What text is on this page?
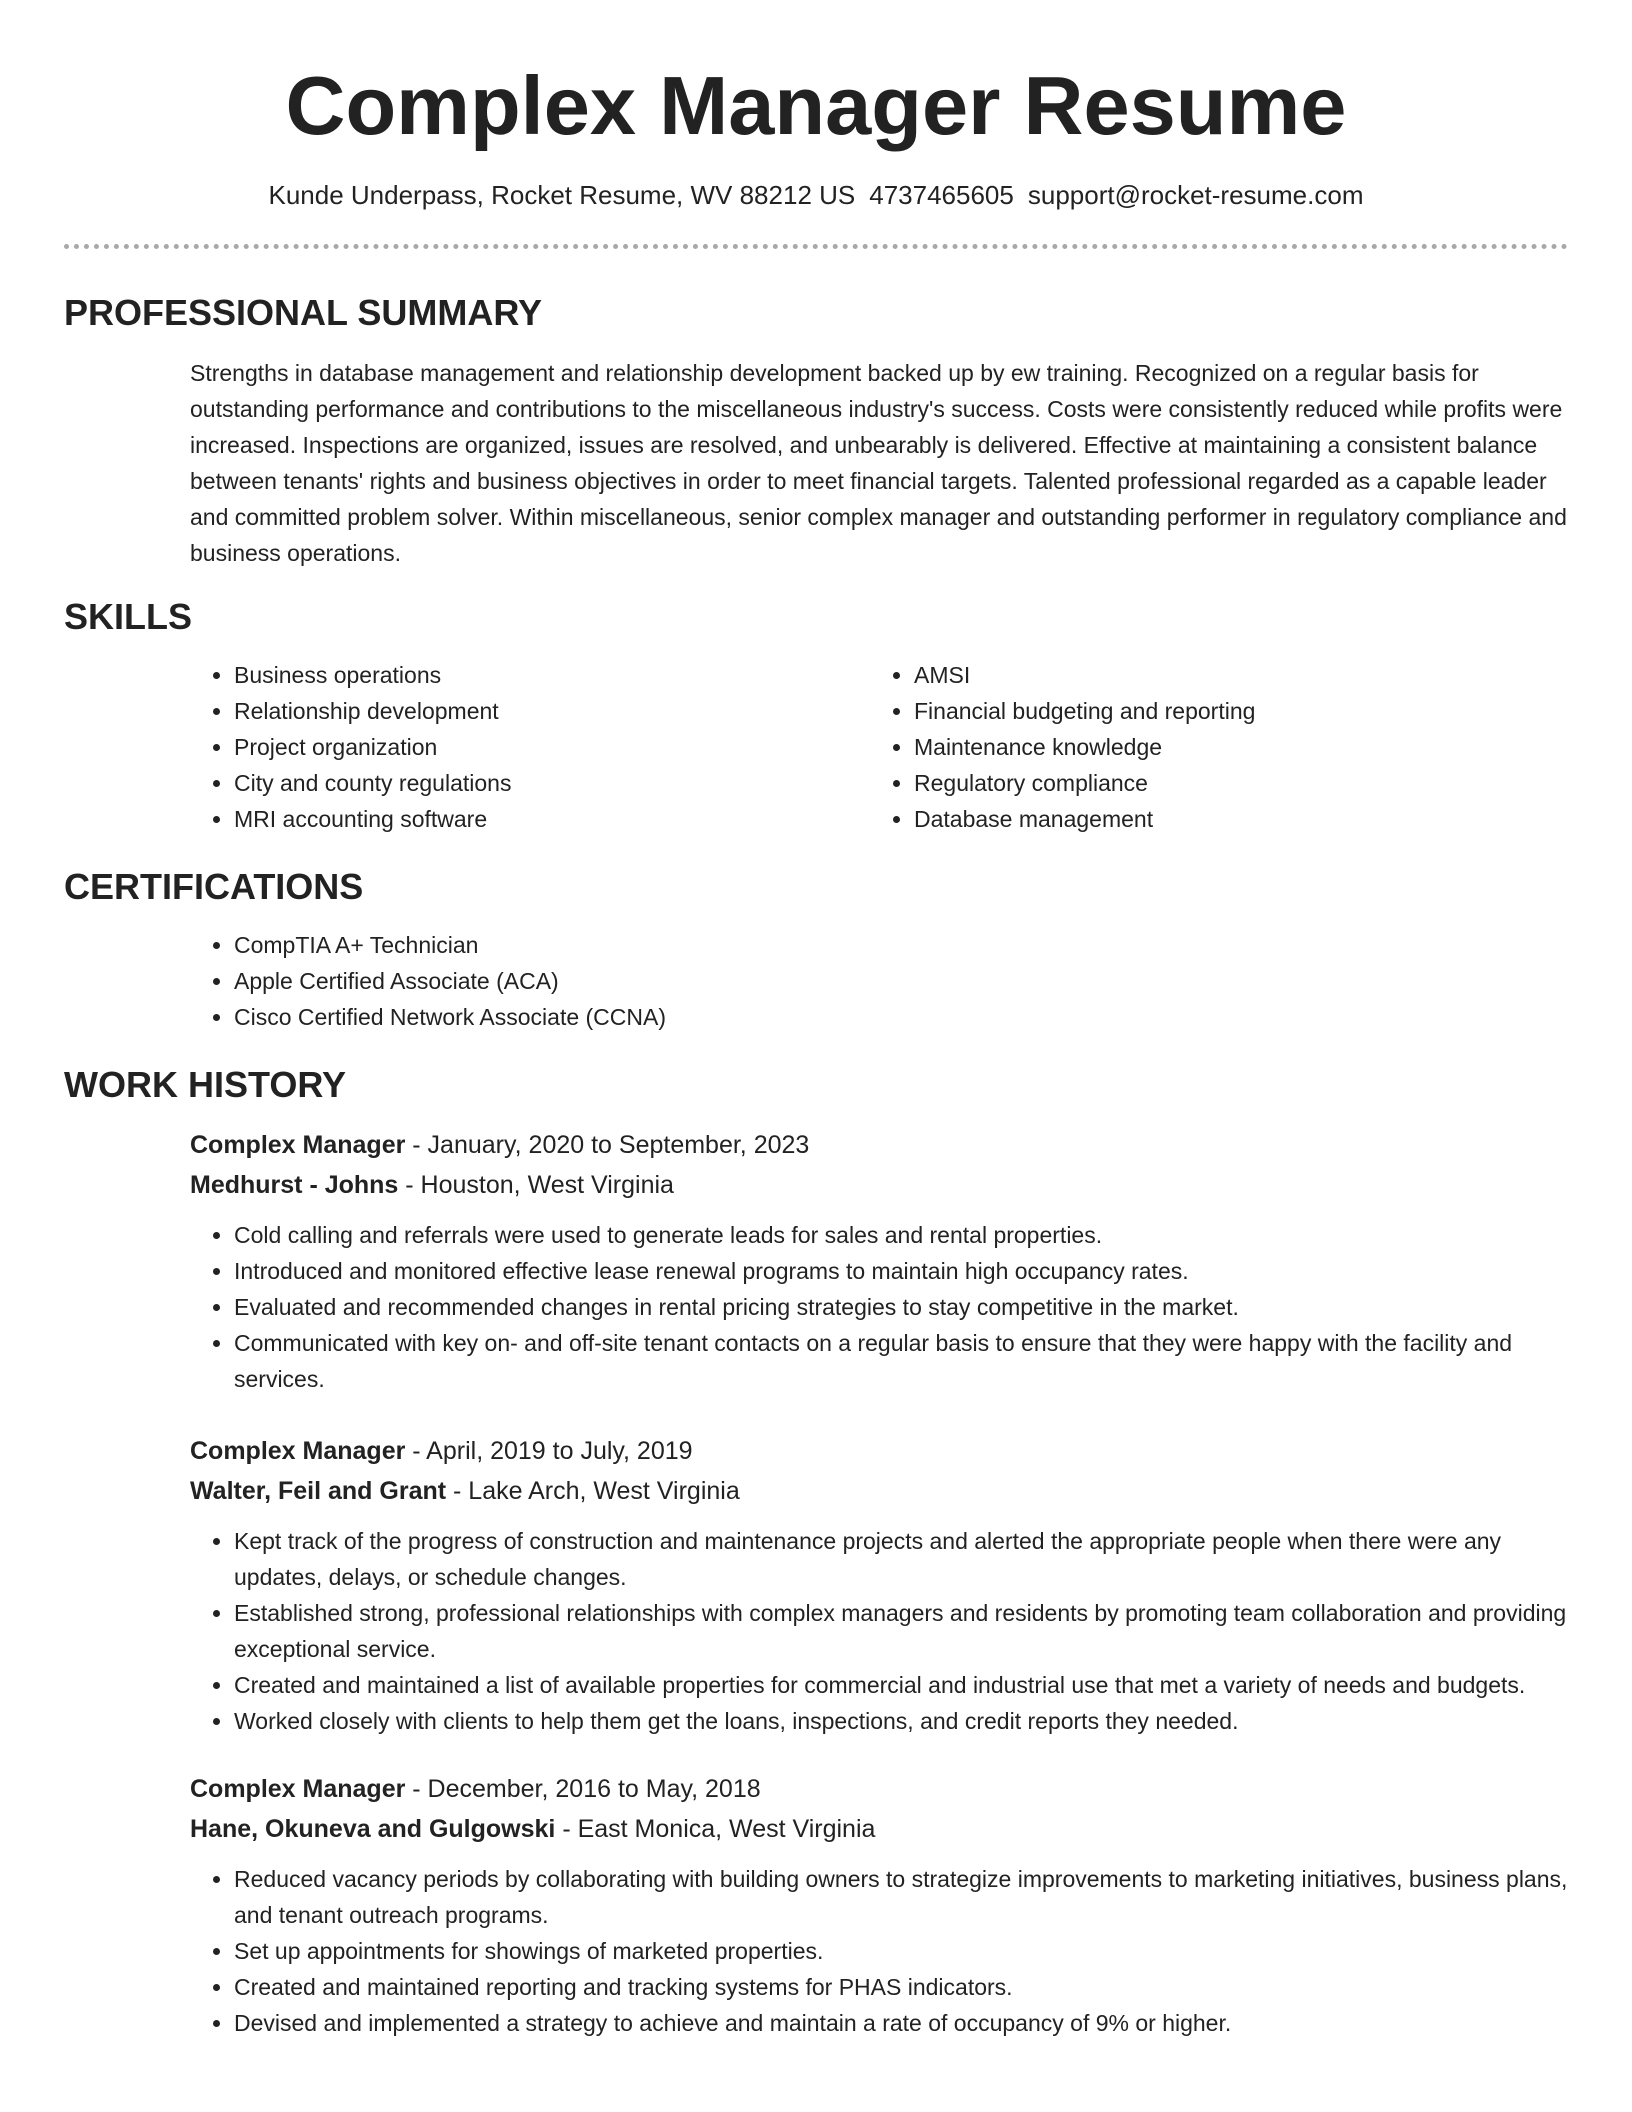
Complex Manager Resume
Kunde Underpass, Rocket Resume, WV 88212 US 4737465605 support@rocket-resume.com
PROFESSIONAL SUMMARY

Strengths in database management and relationship development backed up by ew training. Recognized on a regular basis for outstanding performance and contributions to the miscellaneous industry's success. Costs were consistently reduced while profits were increased. Inspections are organized, issues are resolved, and unbearably is delivered. Effective at maintaining a consistent balance between tenants' rights and business objectives in order to meet financial targets. Talented professional regarded as a capable leader and committed problem solver. Within miscellaneous, senior complex manager and outstanding performer in regulatory compliance and business operations.

SKILLS
• Business operations
• Relationship development
• Project organization
• City and county regulations
• MRI accounting software
• AMSI
• Financial budgeting and reporting
• Maintenance knowledge
• Regulatory compliance
• Database management
CERTIFICATIONS
• CompTIA A+ Technician
• Apple Certified Associate (ACA)
• Cisco Certified Network Associate (CCNA)
WORK HISTORY

Complex Manager - January, 2020 to September, 2023

Medhurst - Johns - Houston, West Virginia

• Cold calling and referrals were used to generate leads for sales and rental properties.
• Introduced and monitored effective lease renewal programs to maintain high occupancy rates.
• Evaluated and recommended changes in rental pricing strategies to stay competitive in the market.
• Communicated with key on- and off-site tenant contacts on a regular basis to ensure that they were happy with the facility and services.

Complex Manager - April, 2019 to July, 2019

Walter, Feil and Grant - Lake Arch, West Virginia

• Kept track of the progress of construction and maintenance projects and alerted the appropriate people when there were any updates, delays, or schedule changes.
• Established strong, professional relationships with complex managers and residents by promoting team collaboration and providing exceptional service.
• Created and maintained a list of available properties for commercial and industrial use that met a variety of needs and budgets.
• Worked closely with clients to help them get the loans, inspections, and credit reports they needed.

Complex Manager - December, 2016 to May, 2018

Hane, Okuneva and Gulgowski - East Monica, West Virginia

• Reduced vacancy periods by collaborating with building owners to strategize improvements to marketing initiatives, business plans, and tenant outreach programs.
• Set up appointments for showings of marketed properties.
• Created and maintained reporting and tracking systems for PHAS indicators.
• Devised and implemented a strategy to achieve and maintain a rate of occupancy of 9% or higher.
